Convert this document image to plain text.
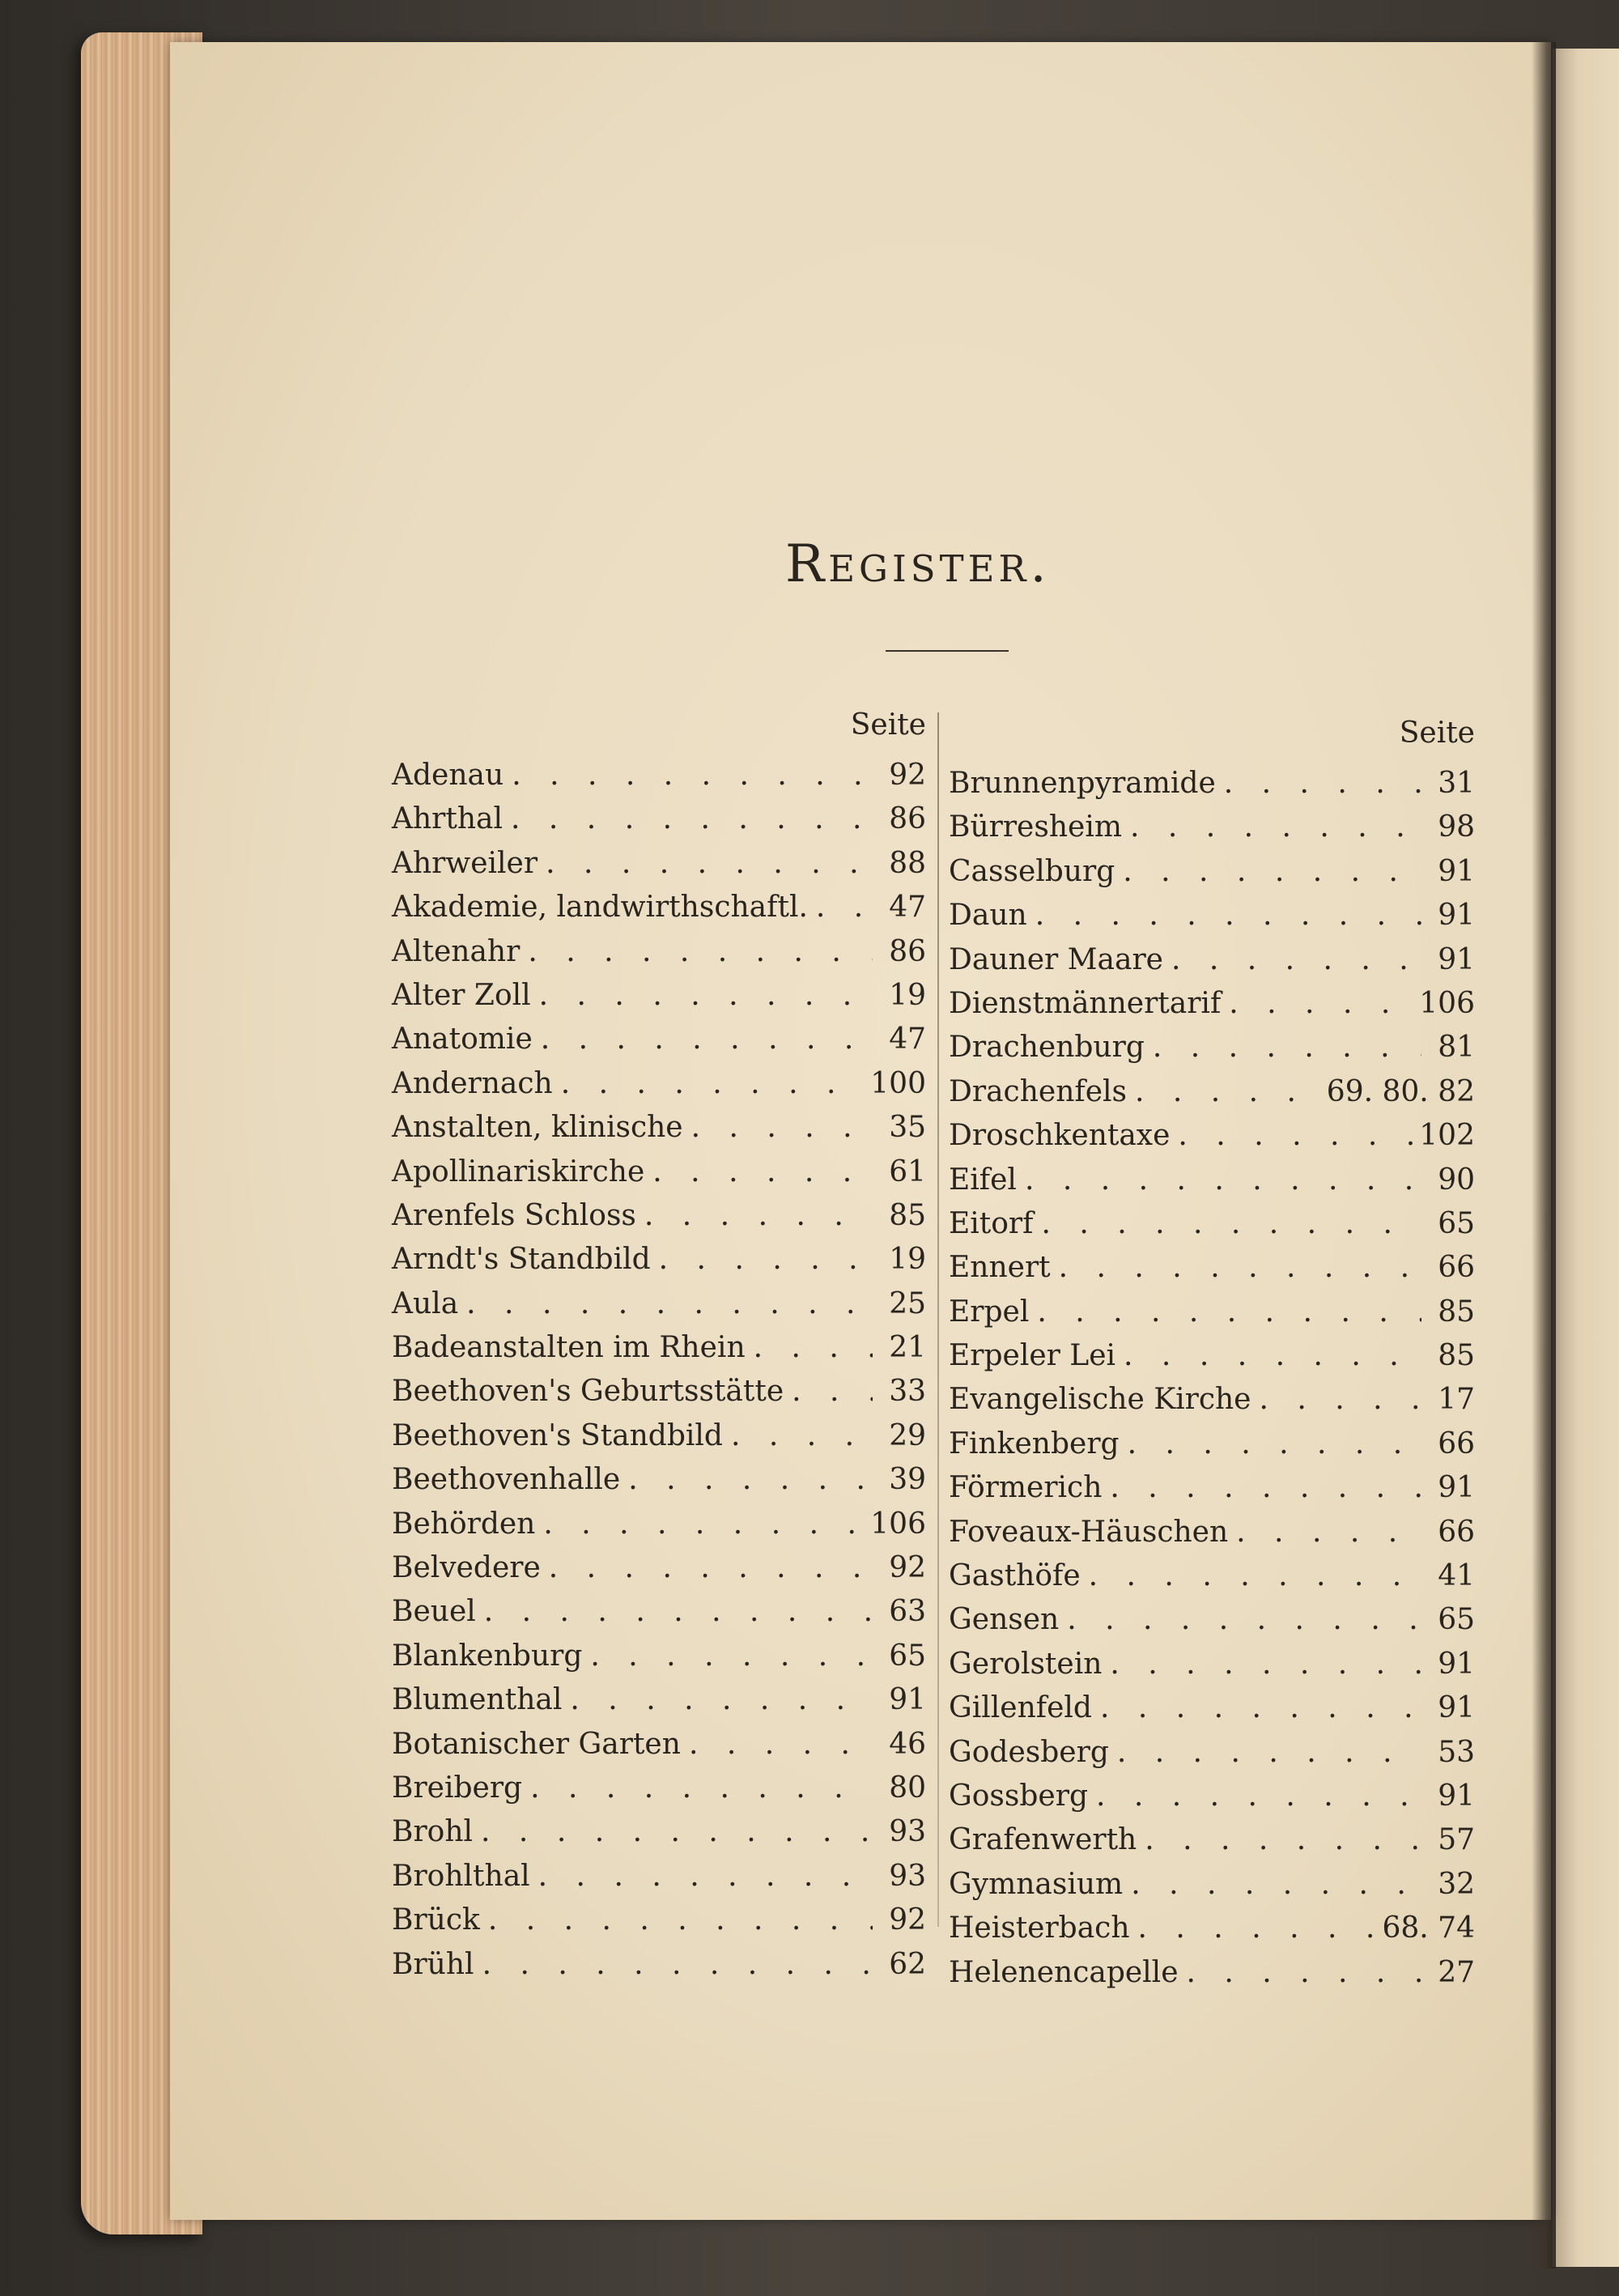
Register.
Seite
Adenau . . .	92
Ahrthal . . .	86
Ahrweiler . . .	88
Akademie, landwirthschaftl. . . .	47
Altenahr . . .	86
Alter Zoll . . .	19
Anatomie . . .	47
Andernach . . .	100
Anstalten, klinische . . .	35
Apollinariskirche . . .	61
Arenfels Schloss . . .	85
Arndt's Standbild . . .	19
Aula . . .	25
Badeanstalten im Rhein . . .	21
Beethoven's Geburtsstätte . . .	33
Beethoven's Standbild . . .	29
Beethovenhalle . . .	39
Behörden . . .	106
Belvedere . . .	92
Beuel . . .	63
Blankenburg . . .	65
Blumenthal . . .	91
Botanischer Garten . . .	46
Breiberg . . .	80
Brohl . . .	93
Brohlthal . . .	93
Brück . . .	92
Brühl . . .	62
Seite
Brunnenpyramide . . .	31
Bürresheim . . .	98
Casselburg . . .	91
Daun . . .	91
Dauner Maare . . .	91
Dienstmännertarif . . .	106
Drachenburg . . .	81
Drachenfels . . .	69. 80. 82
Droschkentaxe . . .	102
Eifel . . .	90
Eitorf . . .	65
Ennert . . .	66
Erpel . . .	85
Erpeler Lei . . .	85
Evangelische Kirche . . .	17
Finkenberg . . .	66
Förmerich . . .	91
Foveaux-Häuschen . . .	66
Gasthöfe . . .	41
Gensen . . .	65
Gerolstein . . .	91
Gillenfeld . . .	91
Godesberg . . .	53
Gossberg . . .	91
Grafenwerth . . .	57
Gymnasium . . .	32
Heisterbach . . .	68. 74
Helenencapelle . . .	27
